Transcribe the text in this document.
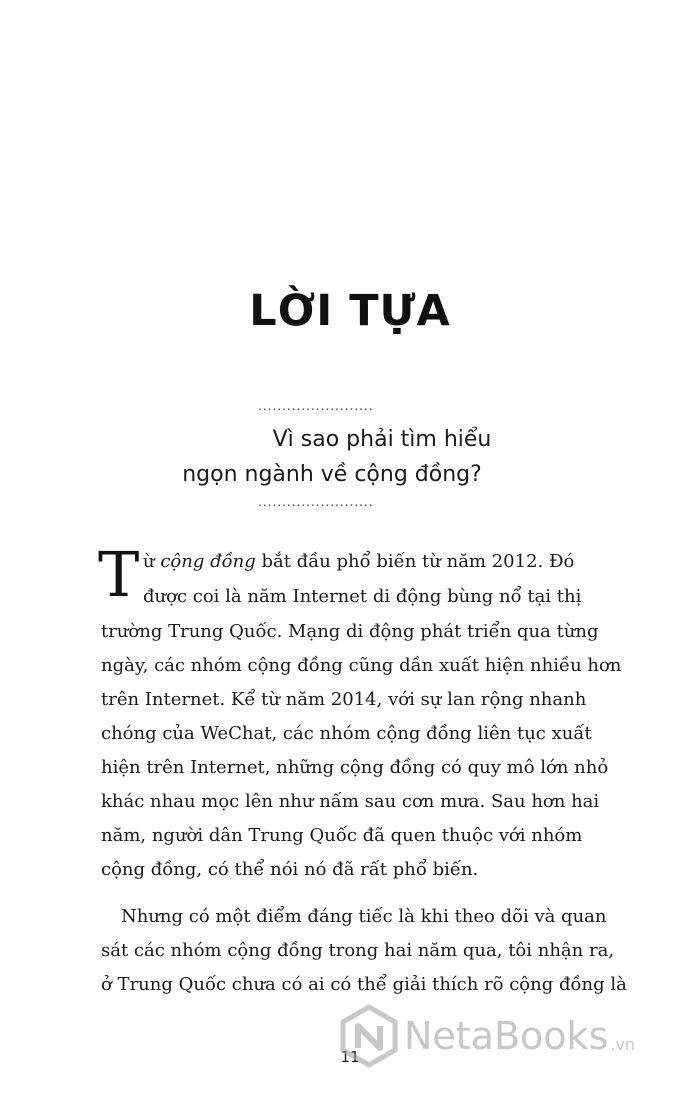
LỜI TỰA
........................

Vì sao phải tìm hiểu

ngọn ngành về cộng đồng?

........................
T ừ cộng đồng bắt đầu phổ biến từ năm 2012. Đó

được coi là năm Internet di động bùng nổ tại thị

trường Trung Quốc. Mạng di động phát triển qua từng

ngày, các nhóm cộng đồng cũng dần xuất hiện nhiều hơn

trên Internet. Kể từ năm 2014, với sự lan rộng nhanh

chóng của WeChat, các nhóm cộng đồng liên tục xuất

hiện trên Internet, những cộng đồng có quy mô lớn nhỏ

khác nhau mọc lên như nấm sau cơn mưa. Sau hơn hai

năm, người dân Trung Quốc đã quen thuộc với nhóm

cộng đồng, có thể nói nó đã rất phổ biến.

Nhưng có một điểm đáng tiếc là khi theo dõi và quan

sát các nhóm cộng đồng trong hai năm qua, tôi nhận ra,

ở Trung Quốc chưa có ai có thể giải thích rõ cộng đồng là

11	NetaBooks .vn
